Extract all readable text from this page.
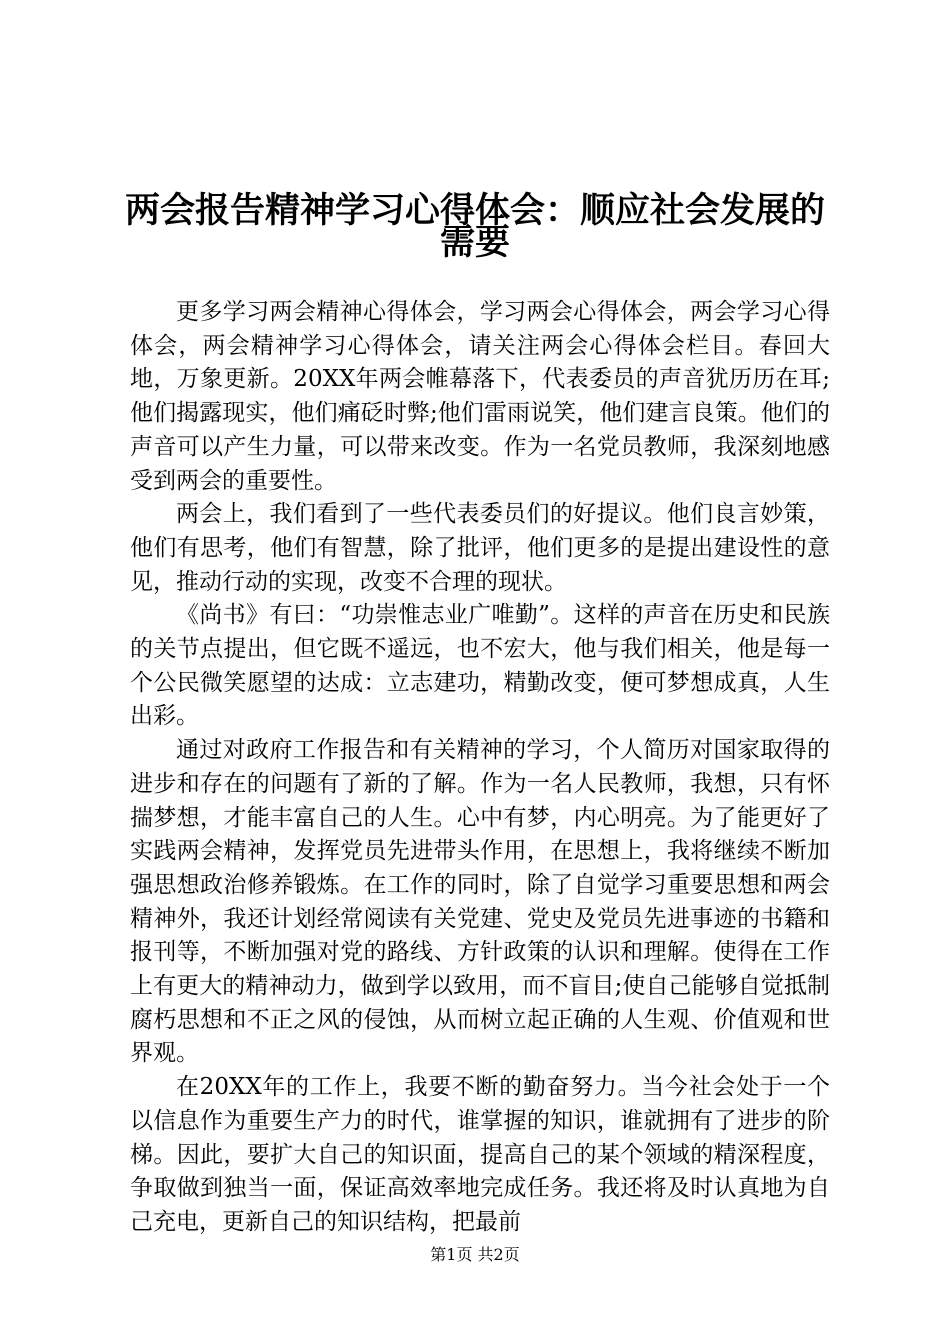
两会报告精神学习心得体会：顺应社会发展的
需要

更多学习两会精神心得体会，学习两会心得体会，两会学习心得体会，两会精神学习心得体会，请关注两会心得体会栏目。春回大地，万象更新。20XX年两会帷幕落下，代表委员的声音犹历历在耳;他们揭露现实，他们痛砭时弊;他们雷雨说笑，他们建言良策。他们的声音可以产生力量，可以带来改变。作为一名党员教师，我深刻地感受到两会的重要性。

两会上，我们看到了一些代表委员们的好提议。他们良言妙策，他们有思考，他们有智慧，除了批评，他们更多的是提出建设性的意见，推动行动的实现，改变不合理的现状。

《尚书》有曰：“功崇惟志业广唯勤”。这样的声音在历史和民族的关节点提出，但它既不遥远，也不宏大，他与我们相关，他是每一个公民微笑愿望的达成：立志建功，精勤改变，便可梦想成真，人生出彩。

通过对政府工作报告和有关精神的学习，个人简历对国家取得的进步和存在的问题有了新的了解。作为一名人民教师，我想，只有怀揣梦想，才能丰富自己的人生。心中有梦，内心明亮。为了能更好了实践两会精神，发挥党员先进带头作用，在思想上，我将继续不断加强思想政治修养锻炼。在工作的同时，除了自觉学习重要思想和两会精神外，我还计划经常阅读有关党建、党史及党员先进事迹的书籍和报刊等，不断加强对党的路线、方针政策的认识和理解。使得在工作上有更大的精神动力，做到学以致用，而不盲目;使自己能够自觉抵制腐朽思想和不正之风的侵蚀，从而树立起正确的人生观、价值观和世界观。

在20XX年的工作上，我要不断的勤奋努力。当今社会处于一个以信息作为重要生产力的时代，谁掌握的知识，谁就拥有了进步的阶梯。因此，要扩大自己的知识面，提高自己的某个领域的精深程度，争取做到独当一面，保证高效率地完成任务。我还将及时认真地为自己充电，更新自己的知识结构，把最前

第1页 共2页
